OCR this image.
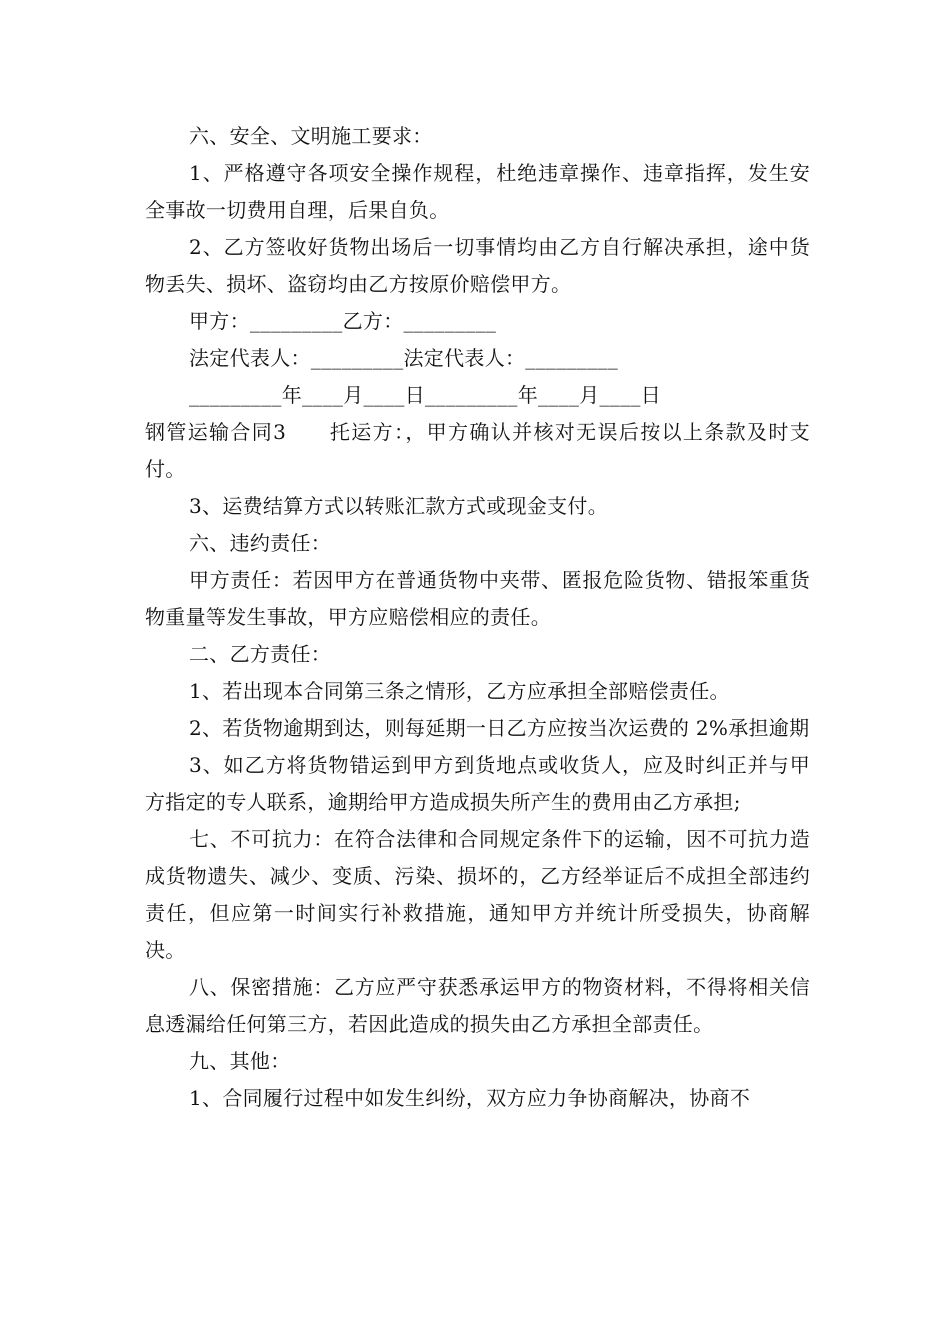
六、安全、文明施工要求：

1、严格遵守各项安全操作规程，杜绝违章操作、违章指挥，发生安全事故一切费用自理，后果自负。

2、乙方签收好货物出场后一切事情均由乙方自行解决承担，途中货物丢失、损坏、盗窃均由乙方按原价赔偿甲方。

甲方：_________乙方：_________

法定代表人：_________法定代表人：_________

_________年____月____日_________年____月____日

钢管运输合同3　　托运方：，甲方确认并核对无误后按以上条款及时支付。

3、运费结算方式以转账汇款方式或现金支付。

六、违约责任：

甲方责任：若因甲方在普通货物中夹带、匿报危险货物、错报笨重货物重量等发生事故，甲方应赔偿相应的责任。

二、乙方责任：

1、若出现本合同第三条之情形，乙方应承担全部赔偿责任。

2、若货物逾期到达，则每延期一日乙方应按当次运费的 2%承担逾期

3、如乙方将货物错运到甲方到货地点或收货人，应及时纠正并与甲方指定的专人联系，逾期给甲方造成损失所产生的费用由乙方承担;

七、不可抗力：在符合法律和合同规定条件下的运输，因不可抗力造成货物遗失、减少、变质、污染、损坏的，乙方经举证后不成担全部违约责任，但应第一时间实行补救措施，通知甲方并统计所受损失，协商解决。

八、保密措施：乙方应严守获悉承运甲方的物资材料，不得将相关信息透漏给任何第三方，若因此造成的损失由乙方承担全部责任。

九、其他：

1、合同履行过程中如发生纠纷，双方应力争协商解决，协商不
